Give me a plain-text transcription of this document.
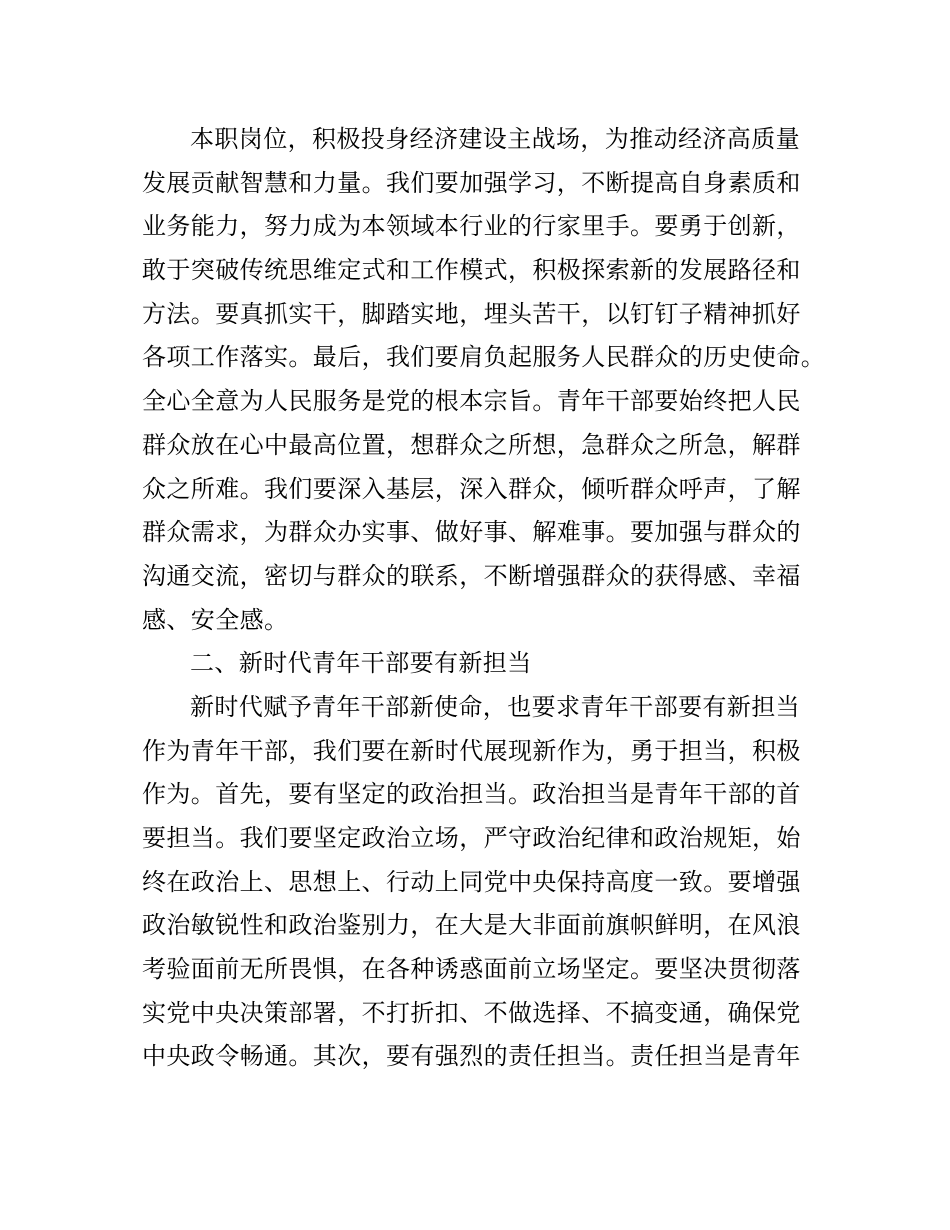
本职岗位，积极投身经济建设主战场，为推动经济高质量
发展贡献智慧和力量。我们要加强学习，不断提高自身素质和
业务能力，努力成为本领域本行业的行家里手。要勇于创新，
敢于突破传统思维定式和工作模式，积极探索新的发展路径和
方法。要真抓实干，脚踏实地，埋头苦干，以钉钉子精神抓好
各项工作落实。最后，我们要肩负起服务人民群众的历史使命。
全心全意为人民服务是党的根本宗旨。青年干部要始终把人民
群众放在心中最高位置，想群众之所想，急群众之所急，解群
众之所难。我们要深入基层，深入群众，倾听群众呼声，了解
群众需求，为群众办实事、做好事、解难事。要加强与群众的
沟通交流，密切与群众的联系，不断增强群众的获得感、幸福
感、安全感。
二、新时代青年干部要有新担当
新时代赋予青年干部新使命，也要求青年干部要有新担当
作为青年干部，我们要在新时代展现新作为，勇于担当，积极
作为。首先，要有坚定的政治担当。政治担当是青年干部的首
要担当。我们要坚定政治立场，严守政治纪律和政治规矩，始
终在政治上、思想上、行动上同党中央保持高度一致。要增强
政治敏锐性和政治鉴别力，在大是大非面前旗帜鲜明，在风浪
考验面前无所畏惧，在各种诱惑面前立场坚定。要坚决贯彻落
实党中央决策部署，不打折扣、不做选择、不搞变通，确保党
中央政令畅通。其次，要有强烈的责任担当。责任担当是青年
